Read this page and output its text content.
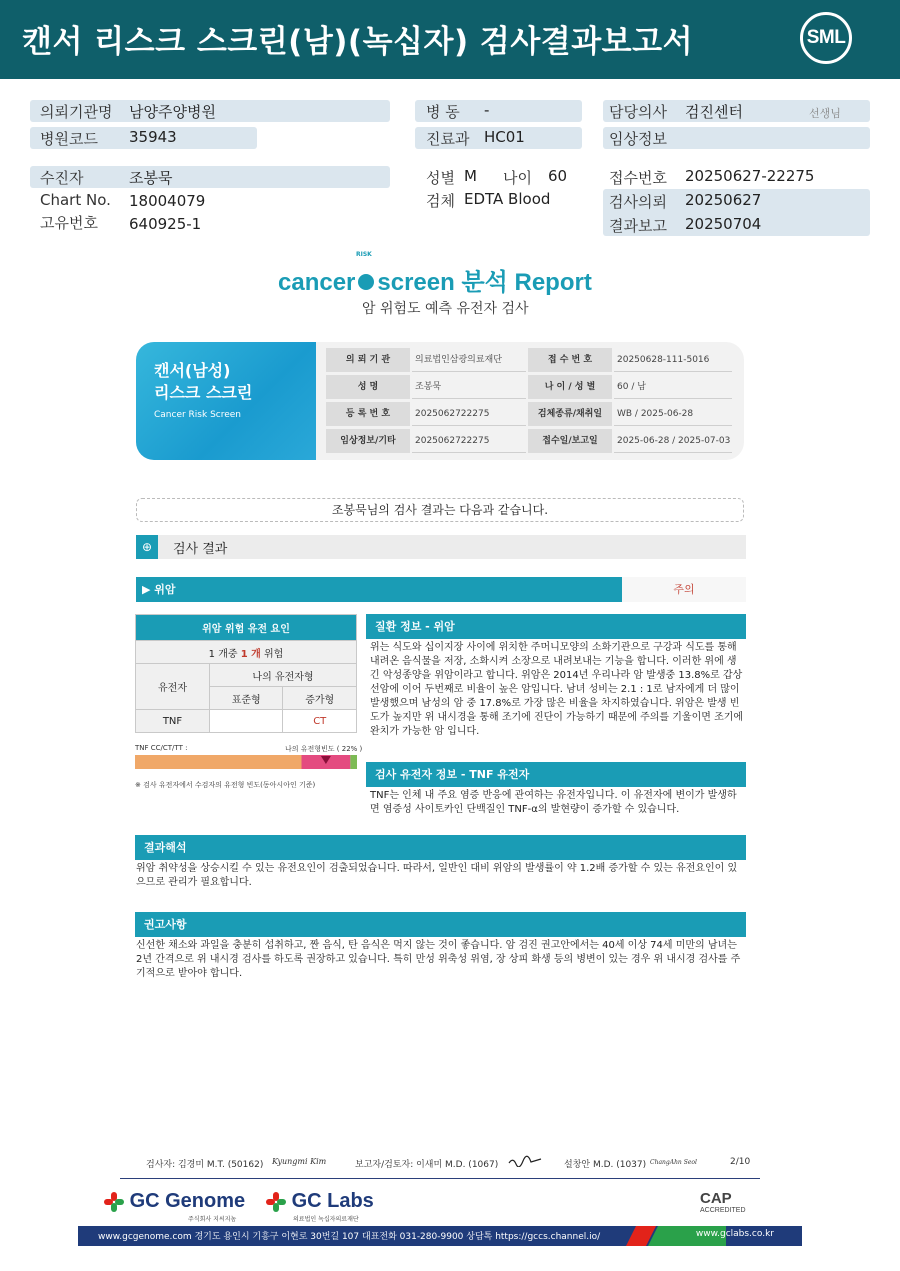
캔서 리스크 스크린(남)(녹십자) 검사결과보고서	SML
의뢰기관명 남양주양병원
병원코드 35943
병 동 -
진료과 HC01
담당의사 검진센터	선생님
임상정보
수진자	조봉묵
Chart No. 18004079
고유번호 640925-1
성별 M 나이 60
검체 EDTA Blood
접수번호 20250627-22275
검사의뢰 20250627
결과보고 20250704
cancer screen 분석 Report
RISK
암 위험도 예측 유전자 검사
캔서(남성)
리스크 스크린
Cancer Risk Screen
의 뢰 기 관	의료법인삼광의료재단	접 수 번 호	20250628-111-5016
성 명	조봉묵	나 이 / 성 별	60 / 남
등 록 번 호	2025062722275	검체종류/채취일	WB / 2025-06-28
임상정보/기타	2025062722275	접수일/보고일	2025-06-28 / 2025-07-03
조봉묵님의 검사 결과는 다음과 같습니다.
⊕	검사 결과
▶ 위암	주의
위암 위험 유전 요인		
1 개중 1 개 위험		
유전자	나의 유전자형	
	표준형	증가형
TNF		CT
TNF CC/CT/TT :	나의 유전형빈도 ( 22% )
※ 검사 유전자에서 수검자의 유전형 빈도(동아시아인 기준)
질환 정보 - 위암
위는 식도와 십이지장 사이에 위치한 주머니모양의 소화기관으로 구강과 식도를 통해 내려온 음식물을 저장, 소화시켜 소장으로 내려보내는 기능을 합니다. 이러한 위에 생긴 악성종양을 위암이라고 합니다. 위암은 2014년 우리나라 암 발생중 13.8%로 갑상선암에 이어 두번째로 비율이 높은 암입니다. 남녀 성비는 2.1 : 1로 남자에게 더 많이 발생했으며 남성의 암 중 17.8%로 가장 많은 비율을 차지하였습니다. 위암은 발생 빈도가 높지만 위 내시경을 통해 조기에 진단이 가능하기 때문에 주의를 기울이면 조기에 완치가 가능한 암 입니다.
검사 유전자 정보 - TNF 유전자
TNF는 인체 내 주요 염증 반응에 관여하는 유전자입니다. 이 유전자에 변이가 발생하면 염증성 사이토카인 단백질인 TNF-α의 발현량이 증가할 수 있습니다.
결과해석
위암 취약성을 상승시킬 수 있는 유전요인이 검출되었습니다. 따라서, 일반인 대비 위암의 발생률이 약 1.2배 증가할 수 있는 유전요인이 있으므로 관리가 필요합니다.
권고사항
신선한 채소와 과일을 충분히 섭취하고, 짠 음식, 탄 음식은 먹지 않는 것이 좋습니다. 암 검진 권고안에서는 40세 이상 74세 미만의 남녀는 2년 간격으로 위 내시경 검사를 하도록 권장하고 있습니다. 특히 만성 위축성 위염, 장 상피 화생 등의 병변이 있는 경우 위 내시경 검사를 주기적으로 받아야 합니다.
검사자: 김경미 M.T. (50162) Kyungmi Kim	보고자/검토자: 이새미 M.D. (1067)	설창안 M.D. (1037) ChangAhn Seol	2/10
GC Genome
주식회사 지씨지놈
GC Labs
의료법인 녹십자의료재단
CAP
ACCREDITED
www.gcgenome.com 경기도 용인시 기흥구 이현로 30번길 107 대표전화 031-280-9900 상담톡 https://gccs.channel.io/	www.gclabs.co.kr
